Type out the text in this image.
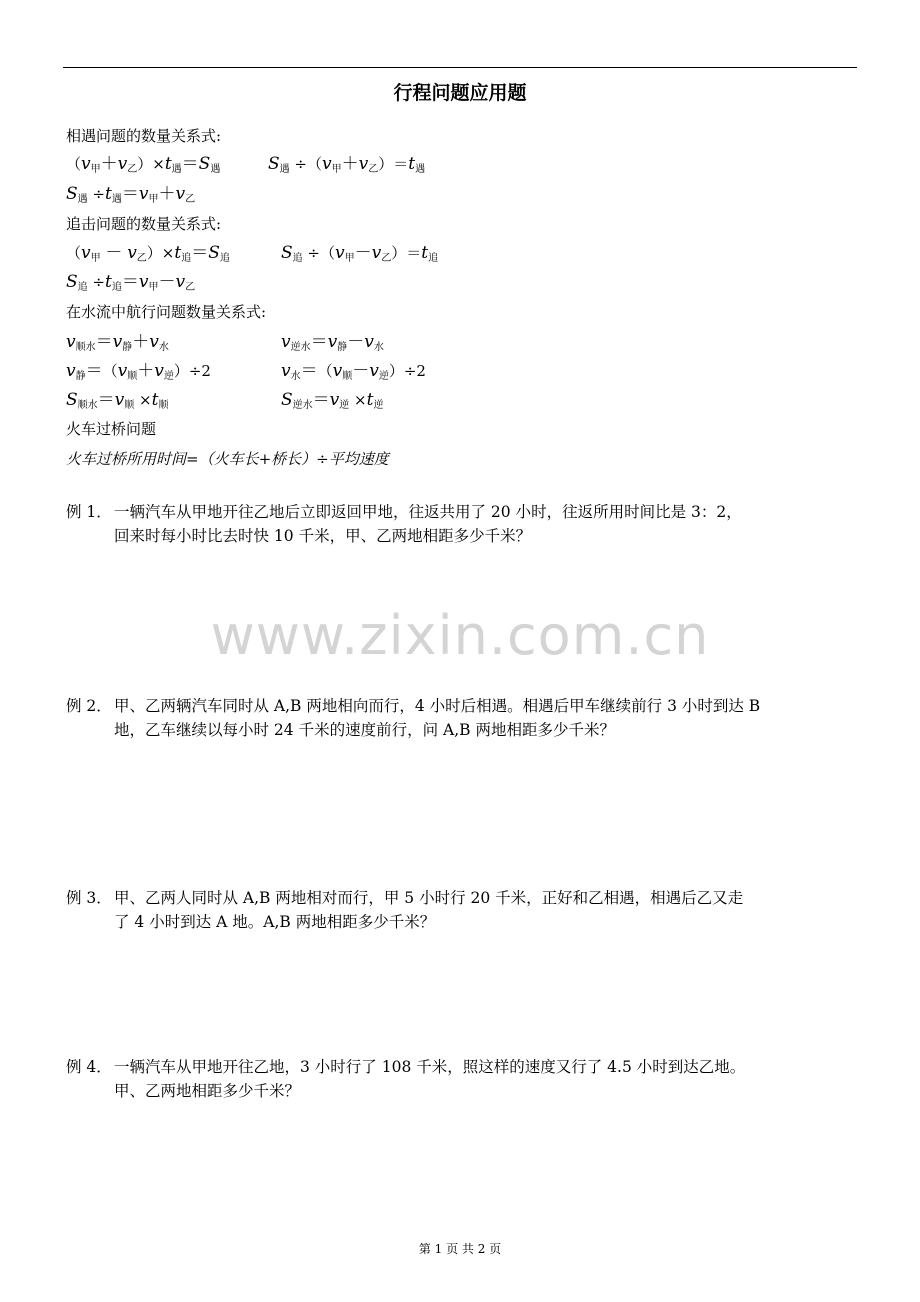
行程问题应用题
相遇问题的数量关系式:
$(v_甲+v_乙)\times t_遇=S_遇$	$S_遇 \div(v_甲+v_乙)=t_遇$
$S_遇 \div t_遇=v_甲+v_乙$
追击问题的数量关系式:
$(v_甲 - v_乙)\times t_追=S_追$	$S_追 \div(v_甲-v_乙)=t_追$
$S_追 \div t_追=v_甲-v_乙$
在水流中航行问题数量关系式:
$v_{顺水}=v_静+v_水$	$v_{逆水}=v_静-v_水$
$v_静=(v_顺+v_逆)\div 2$	$v_水=(v_顺-v_逆)\div 2$
$S_{顺水}=v_顺 \times t_顺$	$S_{逆水}=v_逆 \times t_逆$
火车过桥问题
火车过桥所用时间=（火车长+桥长）÷平均速度
例 1． 一辆汽车从甲地开往乙地后立即返回甲地，往返共用了 20 小时，往返所用时间比是 3：2，
回来时每小时比去时快 10 千米，甲、乙两地相距多少千米？
www.zixin.com.cn
例 2． 甲、乙两辆汽车同时从 A,B 两地相向而行，4 小时后相遇。相遇后甲车继续前行 3 小时到达 B
地，乙车继续以每小时 24 千米的速度前行，问 A,B 两地相距多少千米？
例 3． 甲、乙两人同时从 A,B 两地相对而行，甲 5 小时行 20 千米，正好和乙相遇，相遇后乙又走
了 4 小时到达 A 地。A,B 两地相距多少千米？
例 4． 一辆汽车从甲地开往乙地，3 小时行了 108 千米，照这样的速度又行了 4.5 小时到达乙地。
甲、乙两地相距多少千米？
第 1 页 共 2 页
